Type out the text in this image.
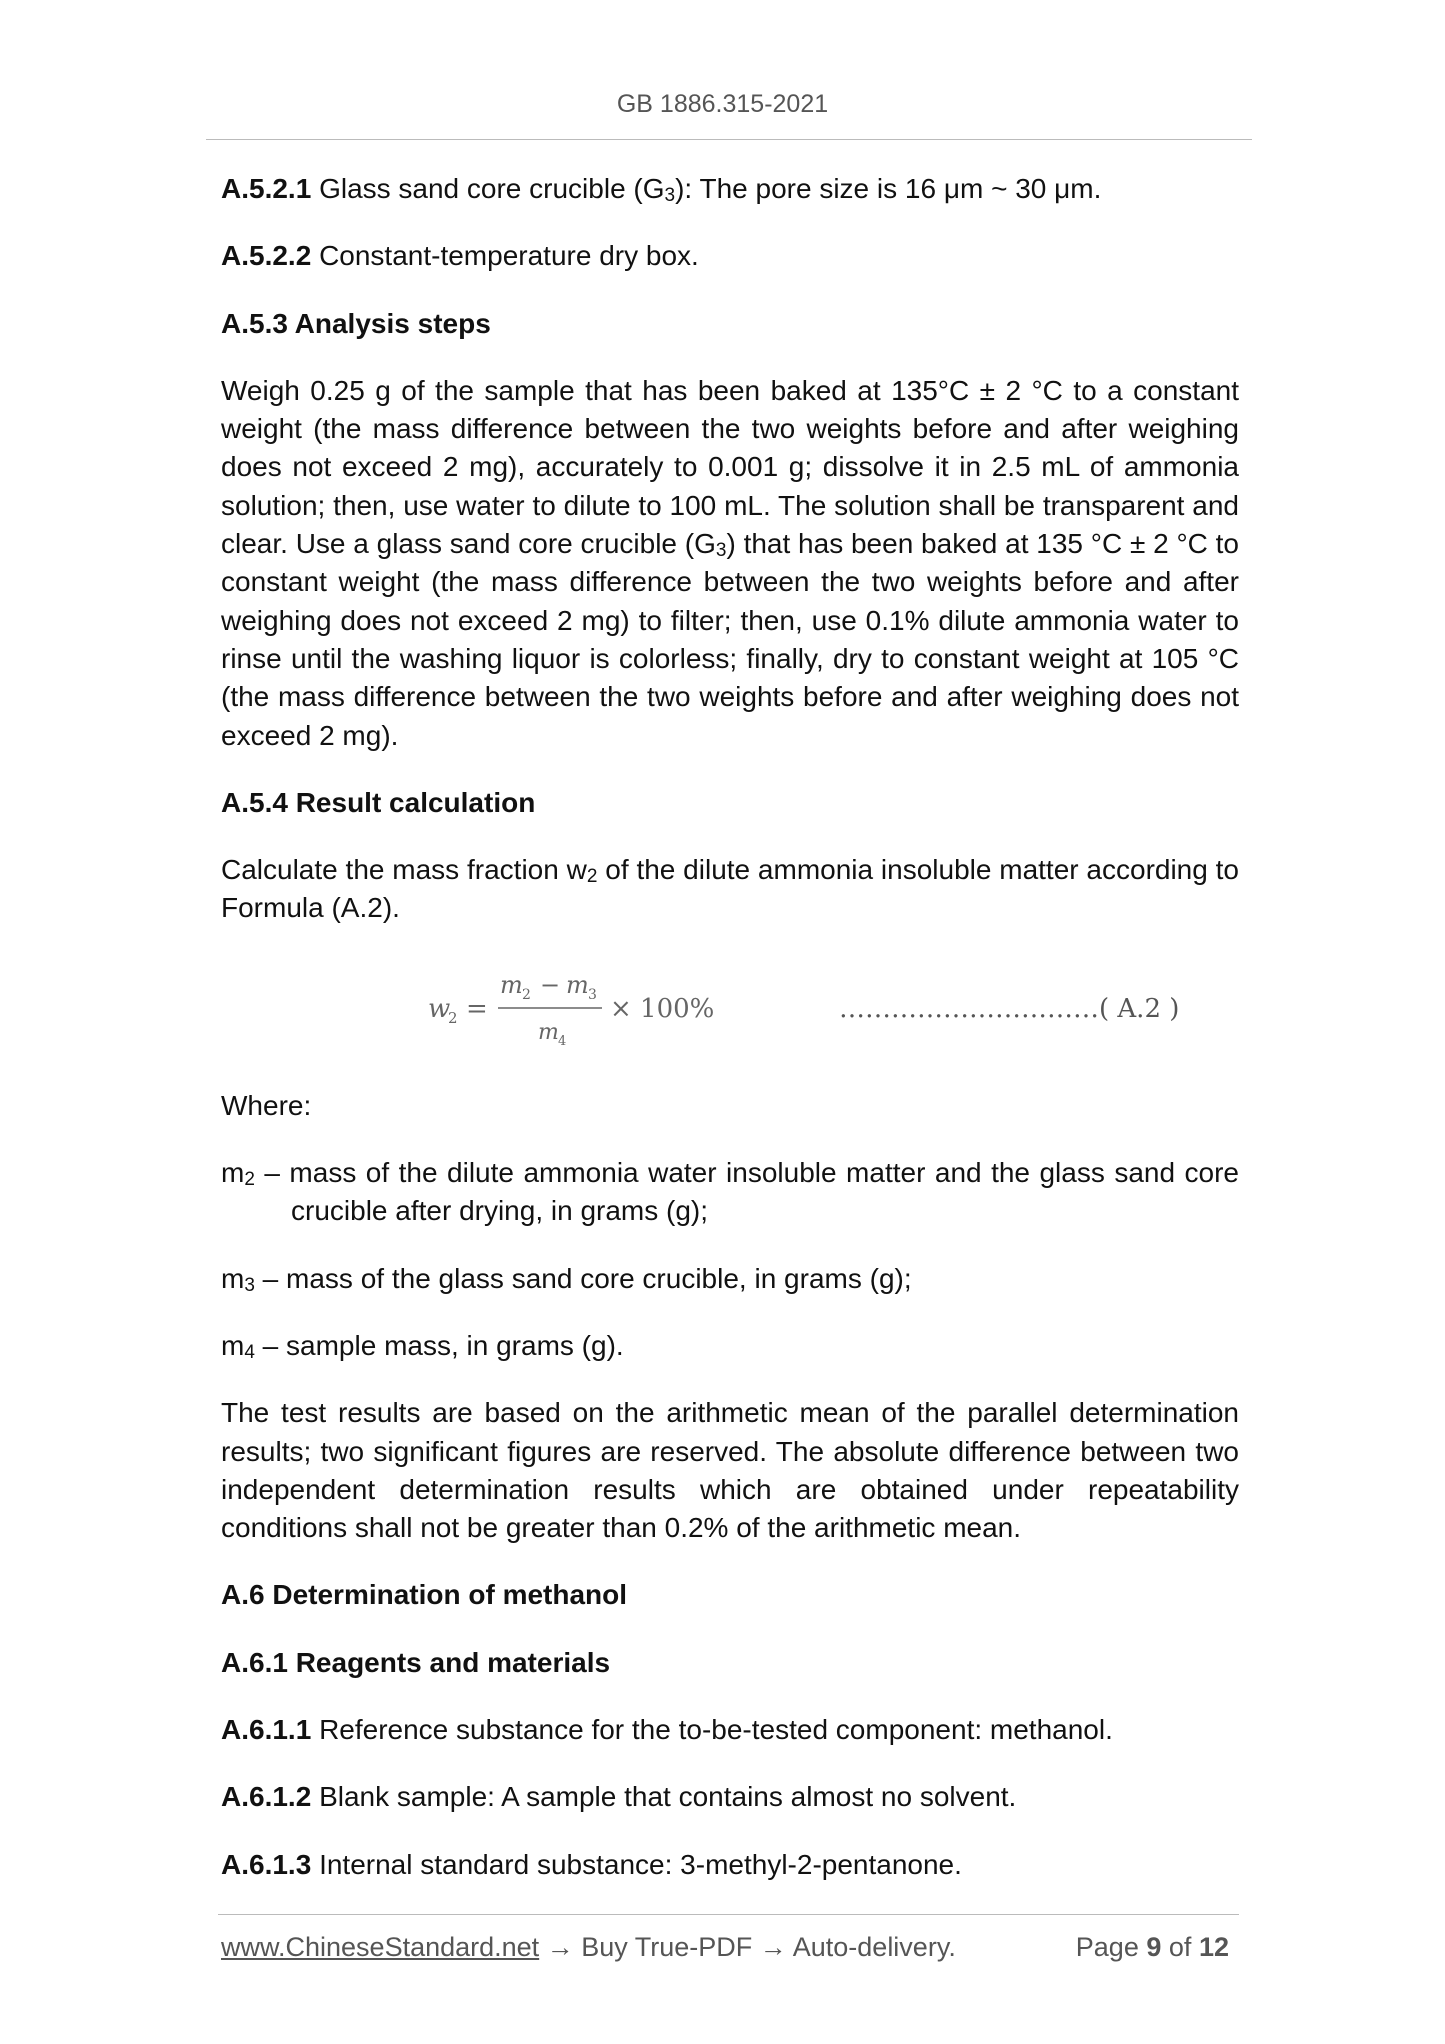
GB 1886.315-2021

A.5.2.1 Glass sand core crucible $(G_3)$: The pore size is 16 μm ~ 30 μm.

A.5.2.2 Constant-temperature dry box.

A.5.3 Analysis steps

Weigh 0.25 g of the sample that has been baked at 135°C ± 2 °C to a constant weight (the mass difference between the two weights before and after weighing does not exceed 2 mg), accurately to 0.001 g; dissolve it in 2.5 mL of ammonia solution; then, use water to dilute to 100 mL. The solution shall be transparent and clear. Use a glass sand core crucible $(G_3)$ that has been baked at 135 °C ± 2 °C to constant weight (the mass difference between the two weights before and after weighing does not exceed 2 mg) to filter; then, use 0.1% dilute ammonia water to rinse until the washing liquor is colorless; finally, dry to constant weight at 105 °C (the mass difference between the two weights before and after weighing does not exceed 2 mg).

A.5.4 Result calculation

Calculate the mass fraction $w_2$ of the dilute ammonia insoluble matter according to Formula (A.2).

w
2 =
m 2 − m 3
m 4
× 100%	…………………………( A.2 )

Where:

$m_2$ – mass of the dilute ammonia water insoluble matter and the glass sand core crucible after drying, in grams (g);

$m_3$ – mass of the glass sand core crucible, in grams (g);

$m_4$ – sample mass, in grams (g).

The test results are based on the arithmetic mean of the parallel determination results; two significant figures are reserved. The absolute difference between two independent determination results which are obtained under repeatability conditions shall not be greater than 0.2% of the arithmetic mean.

A.6 Determination of methanol

A.6.1 Reagents and materials

A.6.1.1 Reference substance for the to-be-tested component: methanol.

A.6.1.2 Blank sample: A sample that contains almost no solvent.

A.6.1.3 Internal standard substance: 3-methyl-2-pentanone.

www.ChineseStandard.net → Buy True-PDF → Auto-delivery.	Page 9 of 12
